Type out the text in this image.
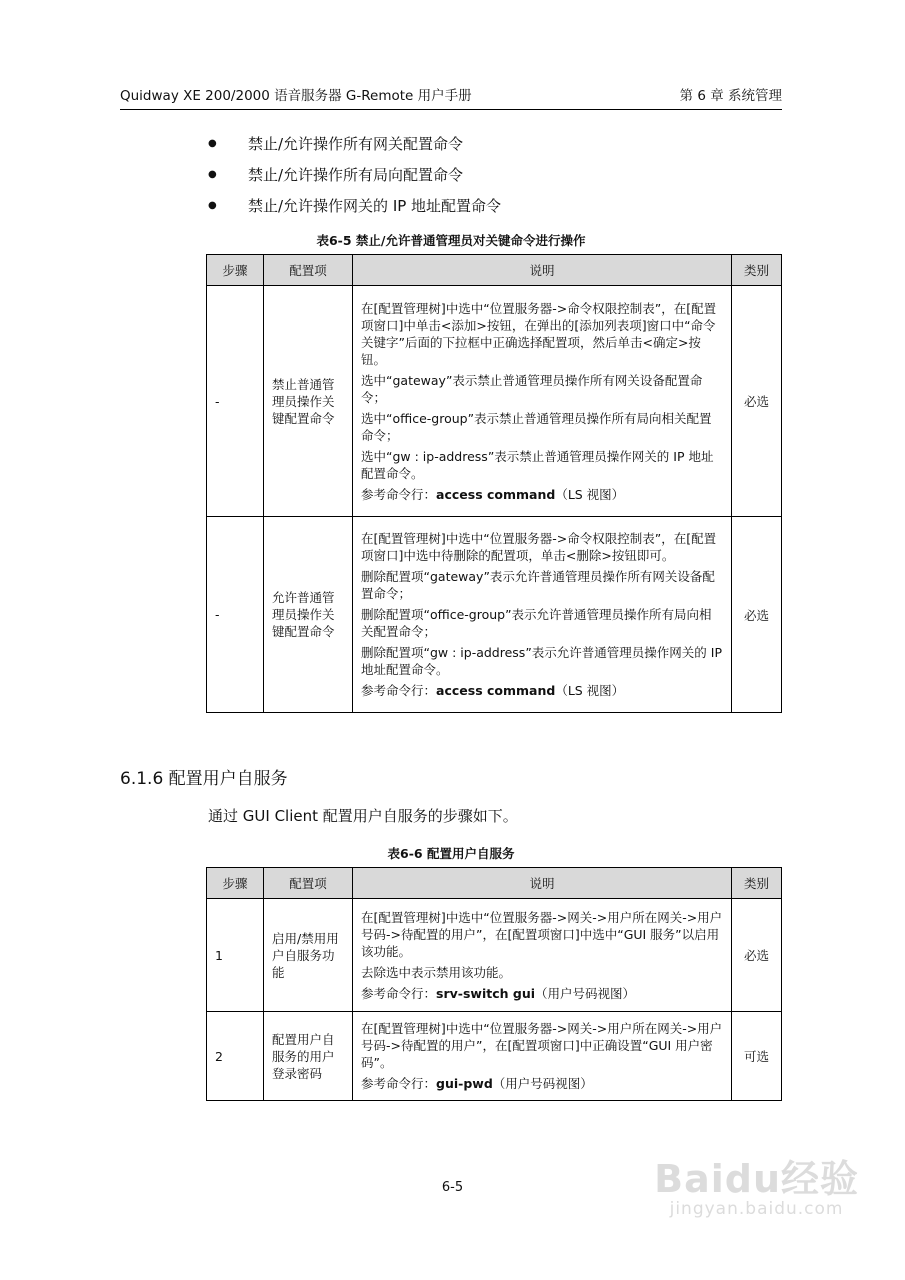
Quidway XE 200/2000 语音服务器 G-Remote 用户手册	第 6 章 系统管理
● 禁止/允许操作所有网关配置命令
● 禁止/允许操作所有局向配置命令
● 禁止/允许操作网关的 IP 地址配置命令
表6-5 禁止/允许普通管理员对关键命令进行操作
步骤	配置项	说明	类别
-	禁止普通管理员操作关键配置命令	在[配置管理树]中选中“位置服务器->命令权限控制表”，在[配置项窗口]中单击<添加>按钮，在弹出的[添加列表项]窗口中“命令关键字”后面的下拉框中正确选择配置项，然后单击<确定>按钮。

选中“gateway”表示禁止普通管理员操作所有网关设备配置命令；

选中“office-group”表示禁止普通管理员操作所有局向相关配置命令；

选中“gw : ip-address”表示禁止普通管理员操作网关的 IP 地址配置命令。

参考命令行：access command（LS 视图）	必选
-	允许普通管理员操作关键配置命令	在[配置管理树]中选中“位置服务器->命令权限控制表”，在[配置项窗口]中选中待删除的配置项，单击<删除>按钮即可。

删除配置项“gateway”表示允许普通管理员操作所有网关设备配置命令；

删除配置项“office-group”表示允许普通管理员操作所有局向相关配置命令；

删除配置项“gw : ip-address”表示允许普通管理员操作网关的 IP 地址配置命令。

参考命令行：access command（LS 视图）	必选
6.1.6 配置用户自服务
通过 GUI Client 配置用户自服务的步骤如下。
表6-6 配置用户自服务
步骤	配置项	说明	类别
1	启用/禁用用户自服务功能	在[配置管理树]中选中“位置服务器->网关->用户所在网关->用户号码->待配置的用户”，在[配置项窗口]中选中“GUI 服务”以启用该功能。

去除选中表示禁用该功能。

参考命令行：srv-switch gui（用户号码视图）	必选
2	配置用户自服务的用户登录密码	在[配置管理树]中选中“位置服务器->网关->用户所在网关->用户号码->待配置的用户”，在[配置项窗口]中正确设置“GUI 用户密码”。

参考命令行：gui-pwd（用户号码视图）	可选
6-5	Baidu经验
jingyan.baidu.com
